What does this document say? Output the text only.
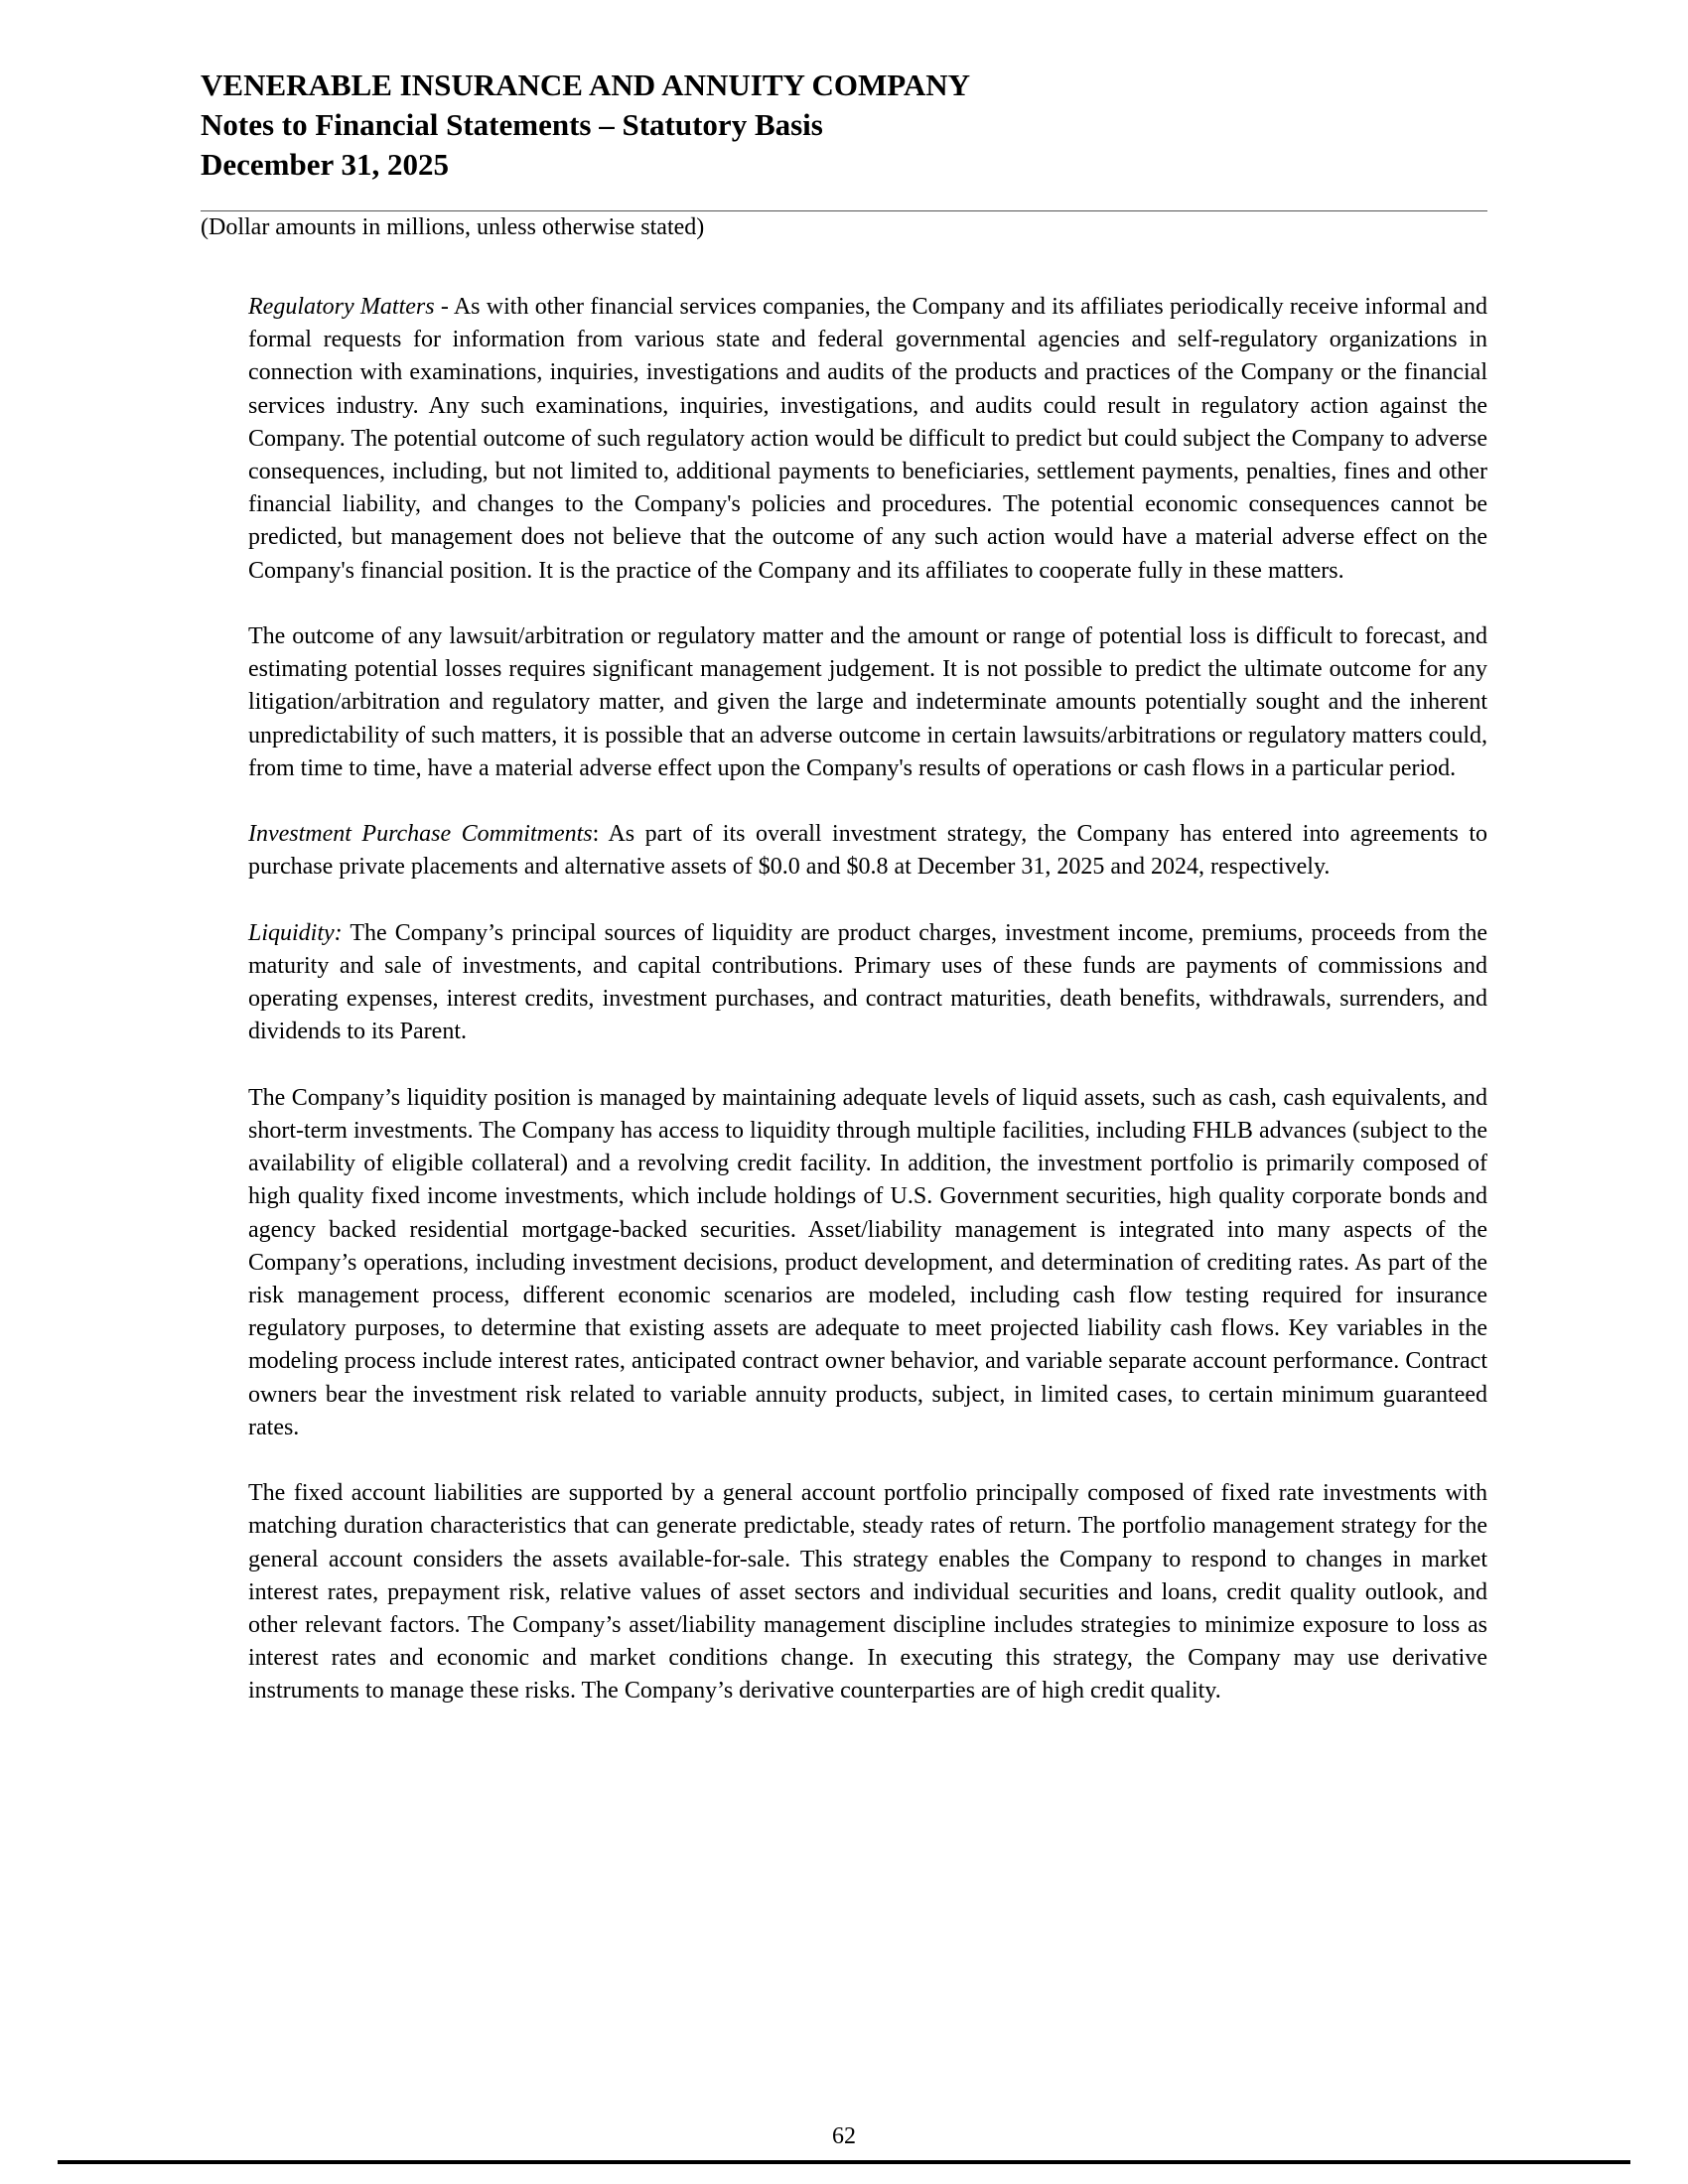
VENERABLE INSURANCE AND ANNUITY COMPANY
Notes to Financial Statements – Statutory Basis
December 31, 2025
(Dollar amounts in millions, unless otherwise stated)

Regulatory Matters - As with other financial services companies, the Company and its affiliates periodically receive informal and formal requests for information from various state and federal governmental agencies and self-regulatory organizations in connection with examinations, inquiries, investigations and audits of the products and practices of the Company or the financial services industry. Any such examinations, inquiries, investigations, and audits could result in regulatory action against the Company. The potential outcome of such regulatory action would be difficult to predict but could subject the Company to adverse consequences, including, but not limited to, additional payments to beneficiaries, settlement payments, penalties, fines and other financial liability, and changes to the Company's policies and procedures. The potential economic consequences cannot be predicted, but management does not believe that the outcome of any such action would have a material adverse effect on the Company's financial position. It is the practice of the Company and its affiliates to cooperate fully in these matters.

The outcome of any lawsuit/arbitration or regulatory matter and the amount or range of potential loss is difficult to forecast, and estimating potential losses requires significant management judgement. It is not possible to predict the ultimate outcome for any litigation/arbitration and regulatory matter, and given the large and indeterminate amounts potentially sought and the inherent unpredictability of such matters, it is possible that an adverse outcome in certain lawsuits/arbitrations or regulatory matters could, from time to time, have a material adverse effect upon the Company's results of operations or cash flows in a particular period.

Investment Purchase Commitments: As part of its overall investment strategy, the Company has entered into agreements to purchase private placements and alternative assets of $0.0 and $0.8 at December 31, 2025 and 2024, respectively.

Liquidity: The Company’s principal sources of liquidity are product charges, investment income, premiums, proceeds from the maturity and sale of investments, and capital contributions. Primary uses of these funds are payments of commissions and operating expenses, interest credits, investment purchases, and contract maturities, death benefits, withdrawals, surrenders, and dividends to its Parent.

The Company’s liquidity position is managed by maintaining adequate levels of liquid assets, such as cash, cash equivalents, and short-term investments. The Company has access to liquidity through multiple facilities, including FHLB advances (subject to the availability of eligible collateral) and a revolving credit facility. In addition, the investment portfolio is primarily composed of high quality fixed income investments, which include holdings of U.S. Government securities, high quality corporate bonds and agency backed residential mortgage-backed securities. Asset/liability management is integrated into many aspects of the Company’s operations, including investment decisions, product development, and determination of crediting rates. As part of the risk management process, different economic scenarios are modeled, including cash flow testing required for insurance regulatory purposes, to determine that existing assets are adequate to meet projected liability cash flows. Key variables in the modeling process include interest rates, anticipated contract owner behavior, and variable separate account performance. Contract owners bear the investment risk related to variable annuity products, subject, in limited cases, to certain minimum guaranteed rates.

The fixed account liabilities are supported by a general account portfolio principally composed of fixed rate investments with matching duration characteristics that can generate predictable, steady rates of return. The portfolio management strategy for the general account considers the assets available-for-sale. This strategy enables the Company to respond to changes in market interest rates, prepayment risk, relative values of asset sectors and individual securities and loans, credit quality outlook, and other relevant factors. The Company’s asset/liability management discipline includes strategies to minimize exposure to loss as interest rates and economic and market conditions change. In executing this strategy, the Company may use derivative instruments to manage these risks. The Company’s derivative counterparties are of high credit quality.

62
